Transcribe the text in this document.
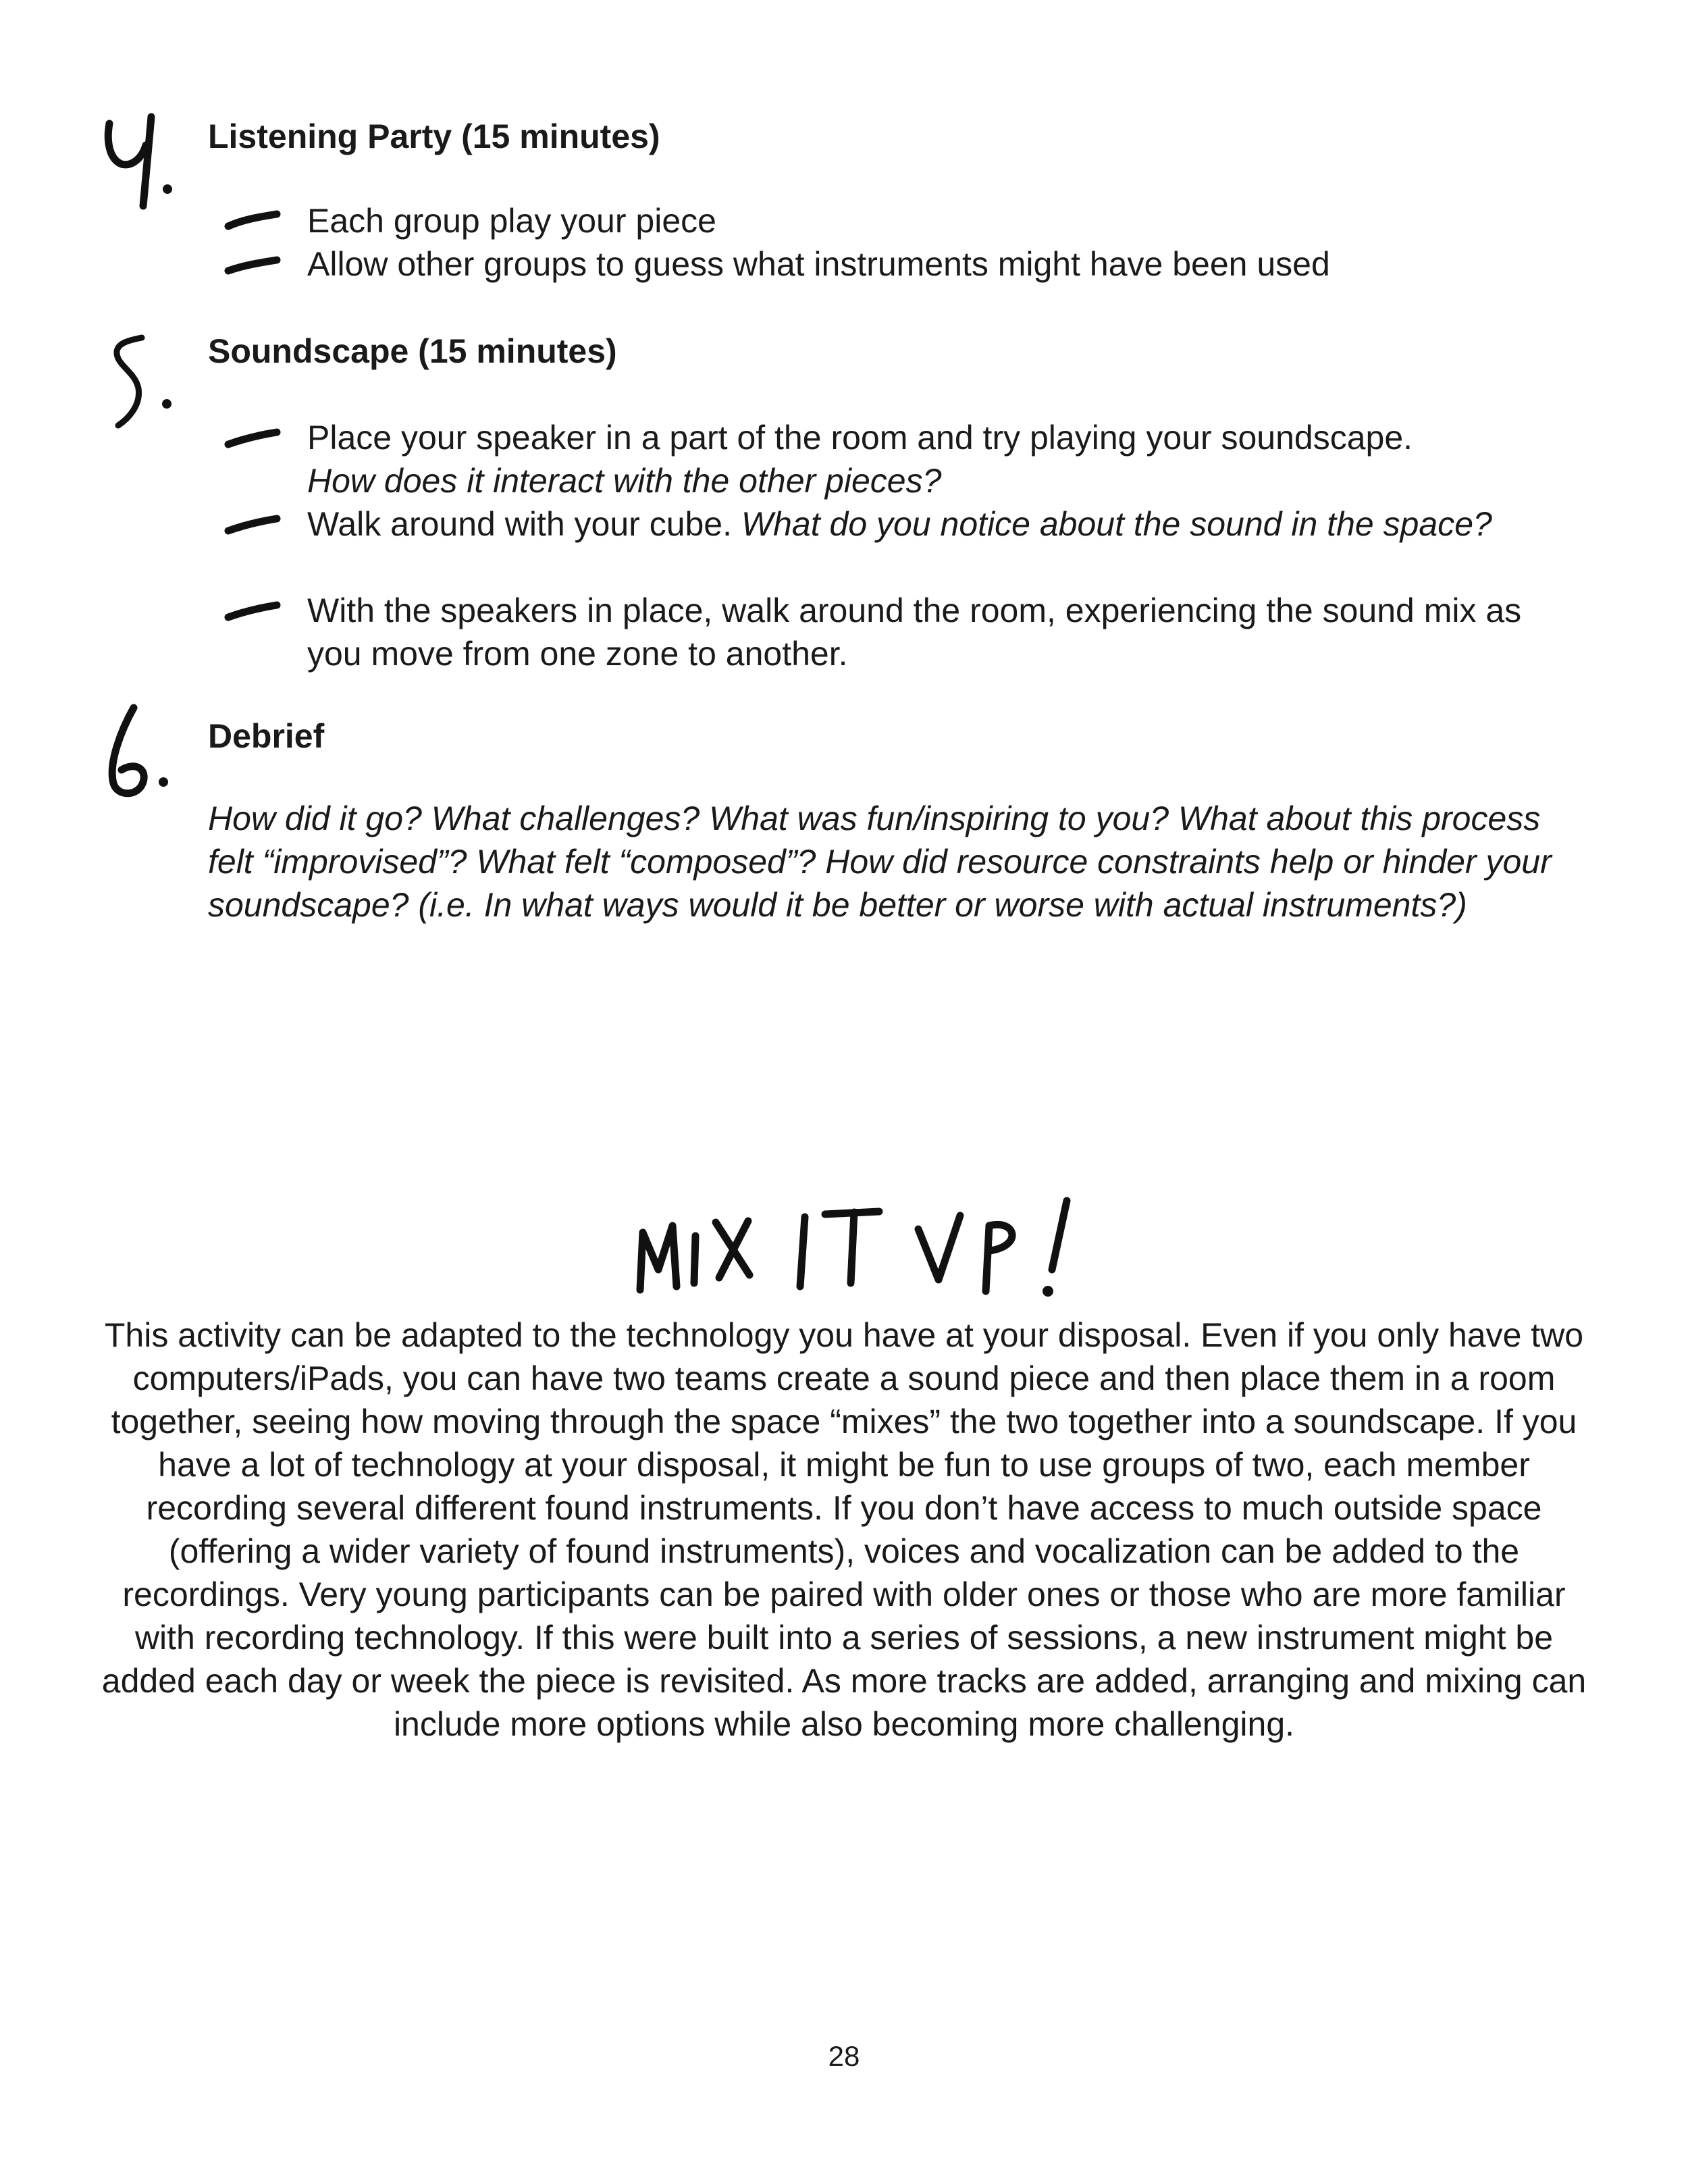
Listening Party (15 minutes)
Each group play your piece
Allow other groups to guess what instruments might have been used
Soundscape (15 minutes)
Place your speaker in a part of the room and try playing your soundscape.
How does it interact with the other pieces?
Walk around with your cube. What do you notice about the sound in the space?
With the speakers in place, walk around the room, experiencing the sound mix as you move from one zone to another.
Debrief
How did it go? What challenges? What was fun/inspiring to you? What about this process felt “improvised”? What felt “composed”? How did resource constraints help or hinder your soundscape? (i.e. In what ways would it be better or worse with actual instruments?)
This activity can be adapted to the technology you have at your disposal. Even if you only have two computers/iPads, you can have two teams create a sound piece and then place them in a room together, seeing how moving through the space “mixes” the two together into a soundscape. If you have a lot of technology at your disposal, it might be fun to use groups of two, each member recording several different found instruments. If you don’t have access to much outside space (offering a wider variety of found instruments), voices and vocalization can be added to the recordings. Very young participants can be paired with older ones or those who are more familiar with recording technology. If this were built into a series of sessions, a new instrument might be added each day or week the piece is revisited. As more tracks are added, arranging and mixing can include more options while also becoming more challenging.
28
